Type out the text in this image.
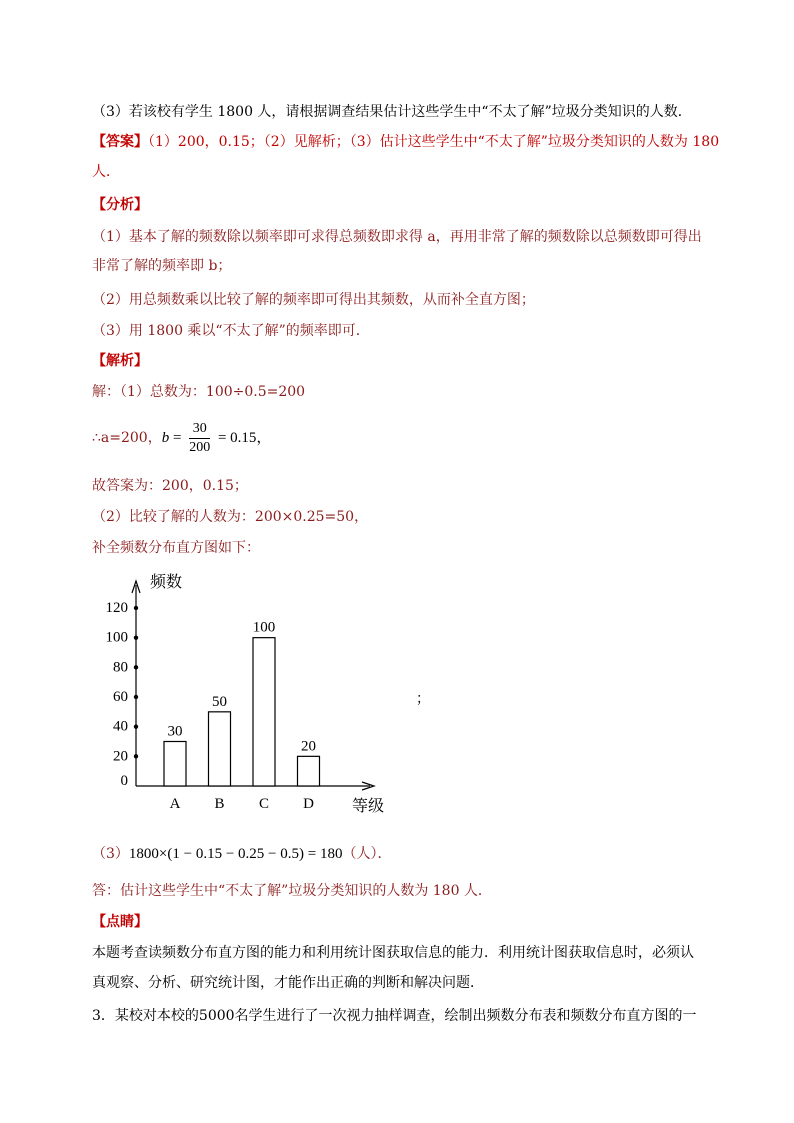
（3）若该校有学生 1800 人，请根据调查结果估计这些学生中“不太了解”垃圾分类知识的人数．
【答案】（1）200，0.15；（2）见解析；（3）估计这些学生中“不太了解”垃圾分类知识的人数为 180
人．
【分析】
（1）基本了解的频数除以频率即可求得总频数即求得 a，再用非常了解的频数除以总频数即可得出
非常了解的频率即 b；
（2）用总频数乘以比较了解的频率即可得出其频数，从而补全直方图；
（3）用 1800 乘以“不太了解”的频率即可．
【解析】
解：（1）总数为：100÷0.5=200
∴a=200，$b = \frac{30}{200} = 0.15$，
故答案为：200，0.15；
（2）比较了解的人数为：200×0.25=50，
补全频数分布直方图如下：
频数
等级
0
20
40
60
80
100
120
30
A
50
B
100
C
20
D
；
（3）1800×(1 − 0.15 − 0.25 − 0.5) = 180（人）．
答：估计这些学生中“不太了解”垃圾分类知识的人数为 180 人．
【点睛】
本题考查读频数分布直方图的能力和利用统计图获取信息的能力．利用统计图获取信息时，必须认
真观察、分析、研究统计图，才能作出正确的判断和解决问题．
3．某校对本校的5000名学生进行了一次视力抽样调查，绘制出频数分布表和频数分布直方图的一
